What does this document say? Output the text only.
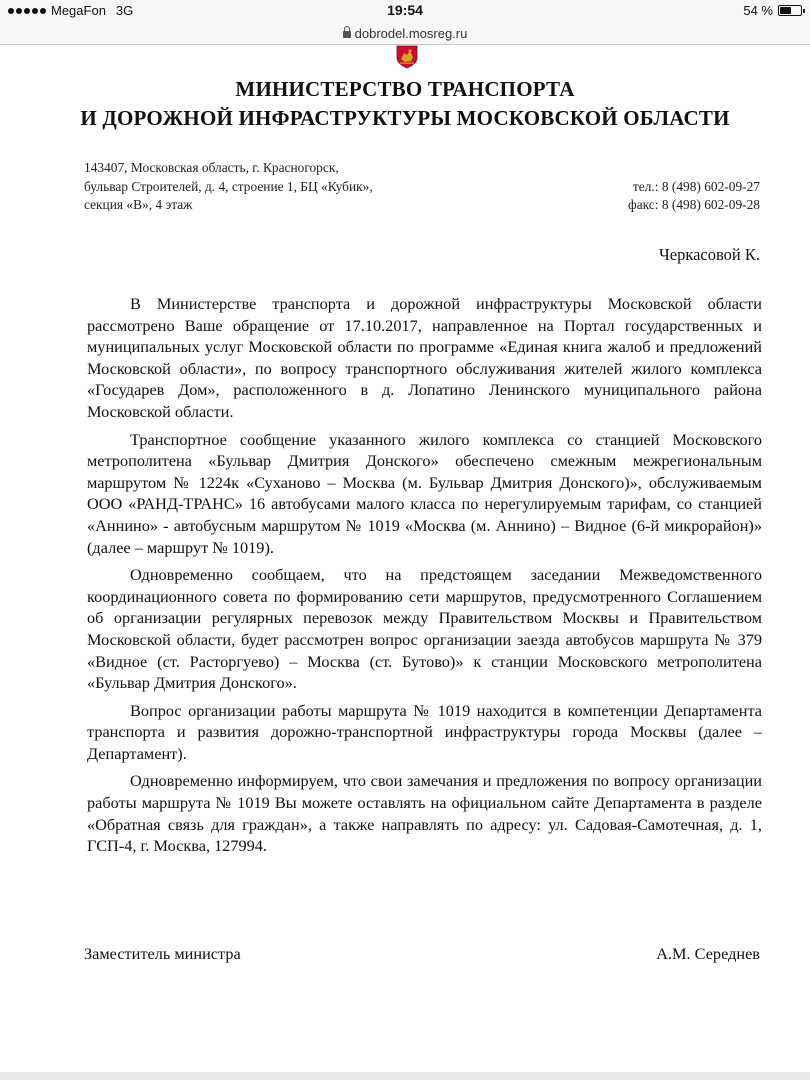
MegaFon 3G	19:54	54 %
dobrodel.mosreg.ru
МИНИСТЕРСТВО ТРАНСПОРТА
И ДОРОЖНОЙ ИНФРАСТРУКТУРЫ МОСКОВСКОЙ ОБЛАСТИ
143407, Московская область, г. Красногорск,
бульвар Строителей, д. 4, строение 1, БЦ «Кубик»,
секция «В», 4 этаж
тел.: 8 (498) 602-09-27
факс: 8 (498) 602-09-28
Черкасовой К.

В Министерстве транспорта и дорожной инфраструктуры Московской области рассмотрено Ваше обращение от 17.10.2017, направленное на Портал государственных и муниципальных услуг Московской области по программе «Единая книга жалоб и предложений Московской области», по вопросу транспортного обслуживания жителей жилого комплекса «Государев Дом», расположенного в д. Лопатино Ленинского муниципального района Московской области.

Транспортное сообщение указанного жилого комплекса со станцией Московского метрополитена «Бульвар Дмитрия Донского» обеспечено смежным межрегиональным маршрутом № 1224к «Суханово – Москва (м. Бульвар Дмитрия Донского)», обслуживаемым ООО «РАНД-ТРАНС» 16 автобусами малого класса по нерегулируемым тарифам, со станцией «Аннино» - автобусным маршрутом № 1019 «Москва (м. Аннино) – Видное (6-й микрорайон)» (далее – маршрут № 1019).

Одновременно сообщаем, что на предстоящем заседании Межведомственного координационного совета по формированию сети маршрутов, предусмотренного Соглашением об организации регулярных перевозок между Правительством Москвы и Правительством Московской области, будет рассмотрен вопрос организации заезда автобусов маршрута № 379 «Видное (ст. Расторгуево) – Москва (ст. Бутово)» к станции Московского метрополитена «Бульвар Дмитрия Донского».

Вопрос организации работы маршрута № 1019 находится в компетенции Департамента транспорта и развития дорожно-транспортной инфраструктуры города Москвы (далее – Департамент).

Одновременно информируем, что свои замечания и предложения по вопросу организации работы маршрута № 1019 Вы можете оставлять на официальном сайте Департамента в разделе «Обратная связь для граждан», а также направлять по адресу: ул. Садовая-Самотечная, д. 1, ГСП-4, г. Москва, 127994.

Заместитель министра	А.М. Середнев
